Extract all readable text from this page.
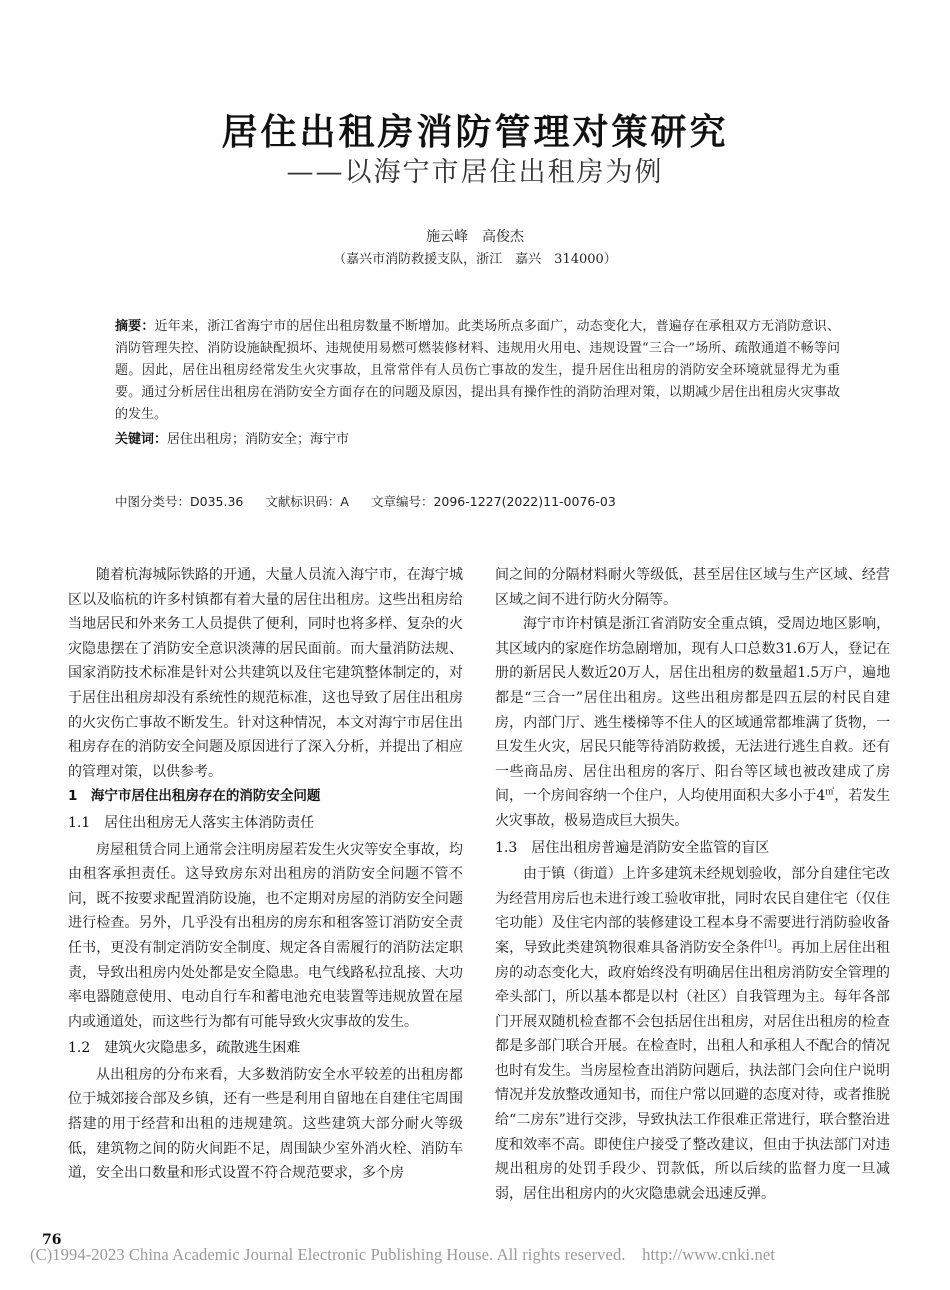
居住出租房消防管理对策研究
——以海宁市居住出租房为例
施云峰　高俊杰
（嘉兴市消防救援支队，浙江　嘉兴　314000）
摘要：近年来，浙江省海宁市的居住出租房数量不断增加。此类场所点多面广，动态变化大，普遍存在承租双方无消防意识、消防管理失控、消防设施缺配损坏、违规使用易燃可燃装修材料、违规用火用电、违规设置“三合一”场所、疏散通道不畅等问题。因此，居住出租房经常发生火灾事故，且常常伴有人员伤亡事故的发生，提升居住出租房的消防安全环境就显得尤为重要。通过分析居住出租房在消防安全方面存在的问题及原因，提出具有操作性的消防治理对策，以期减少居住出租房火灾事故的发生。
关键词：居住出租房；消防安全；海宁市
中图分类号：D035.36 文献标识码：A 文章编号：2096-1227(2022)11-0076-03

随着杭海城际铁路的开通，大量人员流入海宁市，在海宁城区以及临杭的许多村镇都有着大量的居住出租房。这些出租房给当地居民和外来务工人员提供了便利，同时也将多样、复杂的火灾隐患摆在了消防安全意识淡薄的居民面前。而大量消防法规、国家消防技术标准是针对公共建筑以及住宅建筑整体制定的，对于居住出租房却没有系统性的规范标准，这也导致了居住出租房的火灾伤亡事故不断发生。针对这种情况，本文对海宁市居住出租房存在的消防安全问题及原因进行了深入分析，并提出了相应的管理对策，以供参考。

1　海宁市居住出租房存在的消防安全问题
1.1　居住出租房无人落实主体消防责任

房屋租赁合同上通常会注明房屋若发生火灾等安全事故，均由租客承担责任。这导致房东对出租房的消防安全问题不管不问，既不按要求配置消防设施，也不定期对房屋的消防安全问题进行检查。另外，几乎没有出租房的房东和租客签订消防安全责任书，更没有制定消防安全制度、规定各自需履行的消防法定职责，导致出租房内处处都是安全隐患。电气线路私拉乱接、大功率电器随意使用、电动自行车和蓄电池充电装置等违规放置在屋内或通道处，而这些行为都有可能导致火灾事故的发生。

1.2　建筑火灾隐患多，疏散逃生困难

从出租房的分布来看，大多数消防安全水平较差的出租房都位于城郊接合部及乡镇，还有一些是利用自留地在自建住宅周围搭建的用于经营和出租的违规建筑。这些建筑大部分耐火等级低，建筑物之间的防火间距不足，周围缺少室外消火栓、消防车道，安全出口数量和形式设置不符合规范要求，多个房

间之间的分隔材料耐火等级低，甚至居住区域与生产区域、经营区域之间不进行防火分隔等。

海宁市许村镇是浙江省消防安全重点镇，受周边地区影响，其区域内的家庭作坊急剧增加，现有人口总数31.6万人，登记在册的新居民人数近20万人，居住出租房的数量超1.5万户，遍地都是“三合一”居住出租房。这些出租房都是四五层的村民自建房，内部门厅、逃生楼梯等不住人的区域通常都堆满了货物，一旦发生火灾，居民只能等待消防救援，无法进行逃生自救。还有一些商品房、居住出租房的客厅、阳台等区域也被改建成了房间，一个房间容纳一个住户，人均使用面积大多小于4㎡，若发生火灾事故，极易造成巨大损失。

1.3　居住出租房普遍是消防安全监管的盲区

由于镇（街道）上许多建筑未经规划验收，部分自建住宅改为经营用房后也未进行竣工验收审批，同时农民自建住宅（仅住宅功能）及住宅内部的装修建设工程本身不需要进行消防验收备案，导致此类建筑物很难具备消防安全条件[1]。再加上居住出租房的动态变化大，政府始终没有明确居住出租房消防安全管理的牵头部门，所以基本都是以村（社区）自我管理为主。每年各部门开展双随机检查都不会包括居住出租房，对居住出租房的检查都是多部门联合开展。在检查时，出租人和承租人不配合的情况也时有发生。当房屋检查出消防问题后，执法部门会向住户说明情况并发放整改通知书，而住户常以回避的态度对待，或者推脱给“二房东”进行交涉，导致执法工作很难正常进行，联合整治进度和效率不高。即使住户接受了整改建议，但由于执法部门对违规出租房的处罚手段少、罚款低，所以后续的监督力度一旦减弱，居住出租房内的火灾隐患就会迅速反弹。

76
(C)1994-2023 China Academic Journal Electronic Publishing House. All rights reserved.　http://www.cnki.net
